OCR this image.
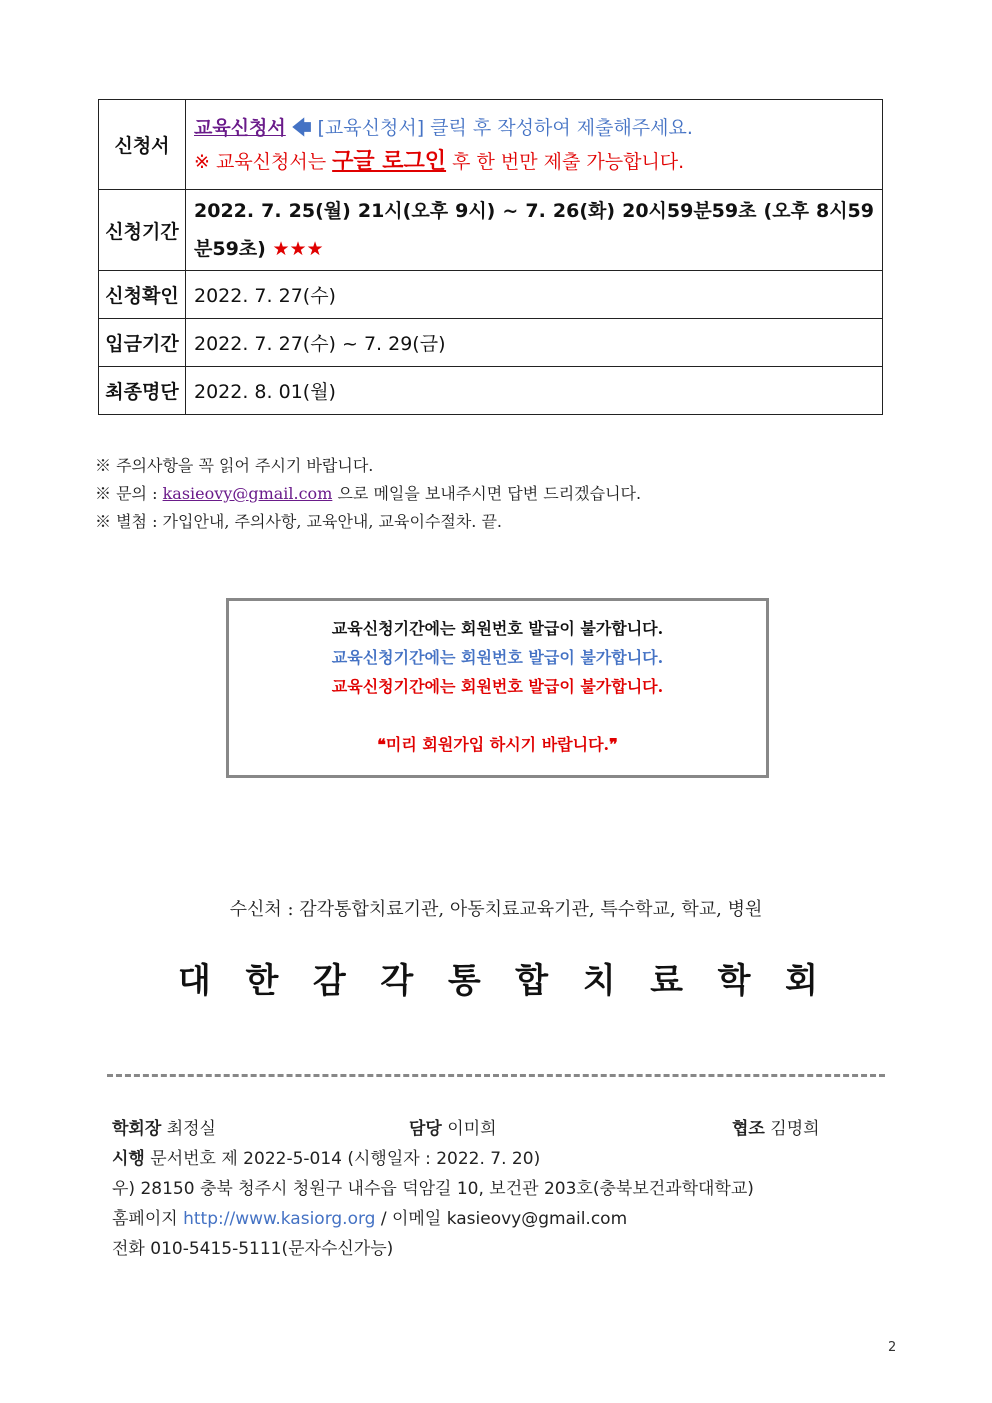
신청서	교육신청서 🡄 [교육신청서] 클릭 후 작성하여 제출해주세요.
※ 교육신청서는 구글 로그인 후 한 번만 제출 가능합니다.

신청기간	2022. 7. 25(월) 21시(오후 9시) ~ 7. 26(화) 20시59분59초 (오후 8시59분59초) ★★★
신청확인	2022. 7. 27(수)
입금기간	2022. 7. 27(수) ~ 7. 29(금)
최종명단	2022. 8. 01(월)
※ 주의사항을 꼭 읽어 주시기 바랍니다.
※ 문의 : kasieovy@gmail.com 으로 메일을 보내주시면 답변 드리겠습니다.
※ 별첨 : 가입안내, 주의사항, 교육안내, 교육이수절차. 끝.
교육신청기간에는 회원번호 발급이 불가합니다.
교육신청기간에는 회원번호 발급이 불가합니다.
교육신청기간에는 회원번호 발급이 불가합니다.
❝미리 회원가입 하시기 바랍니다.❞
수신처 : 감각통합치료기관, 아동치료교육기관, 특수학교, 학교, 병원
대 한 감 각 통 합 치 료 학 회
학회장 최정실	담당 이미희	협조 김명희
시행 문서번호 제 2022-5-014 (시행일자 : 2022. 7. 20)
우) 28150 충북 청주시 청원구 내수읍 덕암길 10, 보건관 203호(충북보건과학대학교)
홈페이지 http://www.kasiorg.org / 이메일 kasieovy@gmail.com
전화 010-5415-5111(문자수신가능)
2
